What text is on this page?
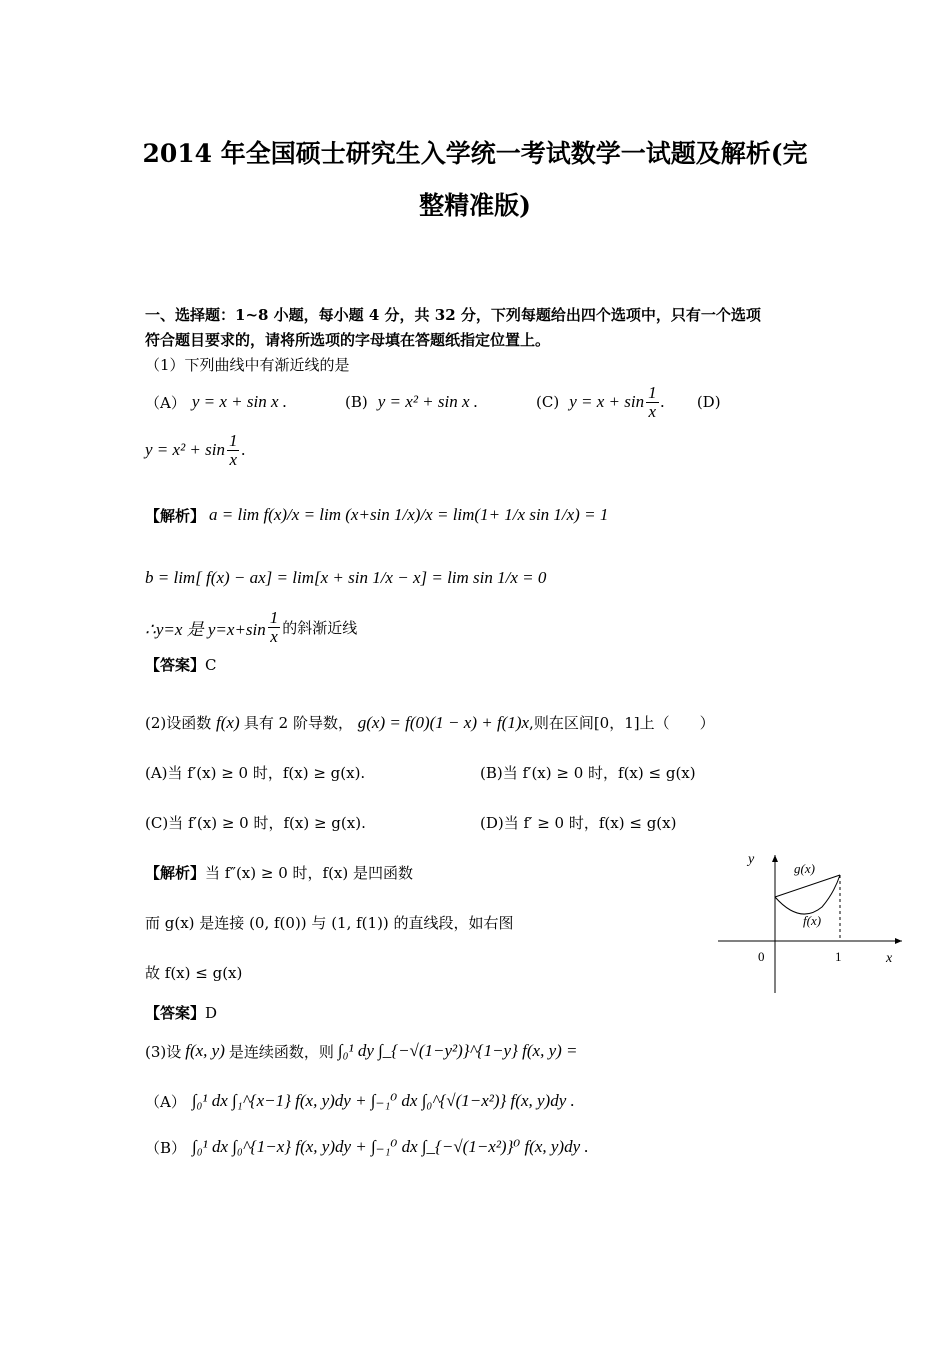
2014 年全国硕士研究生入学统一考试数学一试题及解析(完
整精准版)
一、选择题：1~8 小题，每小题 4 分，共 32 分，下列每题给出四个选项中，只有一个选项
符合题目要求的，请将所选项的字母填在答题纸指定位置上。
（1）下列曲线中有渐近线的是
（A） y = x + sin x .	(B) y = x² + sin x .	(C) $y = x + \sin \frac{1}{x}$ . (D)
$y = x^2 + \sin \frac{1}{x}$ .
【解析】 a = lim f(x)/x = lim (x+sin 1/x)/x = lim(1+ 1/x sin 1/x) = 1
b = lim[ f(x) − ax] = lim[x + sin 1/x − x] = lim sin 1/x = 0
∴y=x 是 $y=x+\sin \frac{1}{x}$ 的斜渐近线
【答案】C
(2)设函数 f(x) 具有 2 阶导数， g(x) = f(0)(1 − x) + f(1)x,则在区间[0，1]上（　　）
(A)当 f′(x) ≥ 0 时，f(x) ≥ g(x).	(B)当 f′(x) ≥ 0 时，f(x) ≤ g(x)
(C)当 f′(x) ≥ 0 时，f(x) ≥ g(x).	(D)当 f′ ≥ 0 时，f(x) ≤ g(x)
【解析】当 f″(x) ≥ 0 时，f(x) 是凹函数
而 g(x) 是连接 (0, f(0)) 与 (1, f(1)) 的直线段，如右图
故 f(x) ≤ g(x)
【答案】D
y
x
0	1
g(x)
f(x)
(3)设 f(x, y) 是连续函数，则 ∫₀¹ dy ∫_{−√(1−y²)}^{1−y} f(x, y) =
（A） ∫₀¹ dx ∫₁^{x−1} f(x, y)dy + ∫₋₁⁰ dx ∫₀^{√(1−x²)} f(x, y)dy .
（B） ∫₀¹ dx ∫₀^{1−x} f(x, y)dy + ∫₋₁⁰ dx ∫_{−√(1−x²)}⁰ f(x, y)dy .
